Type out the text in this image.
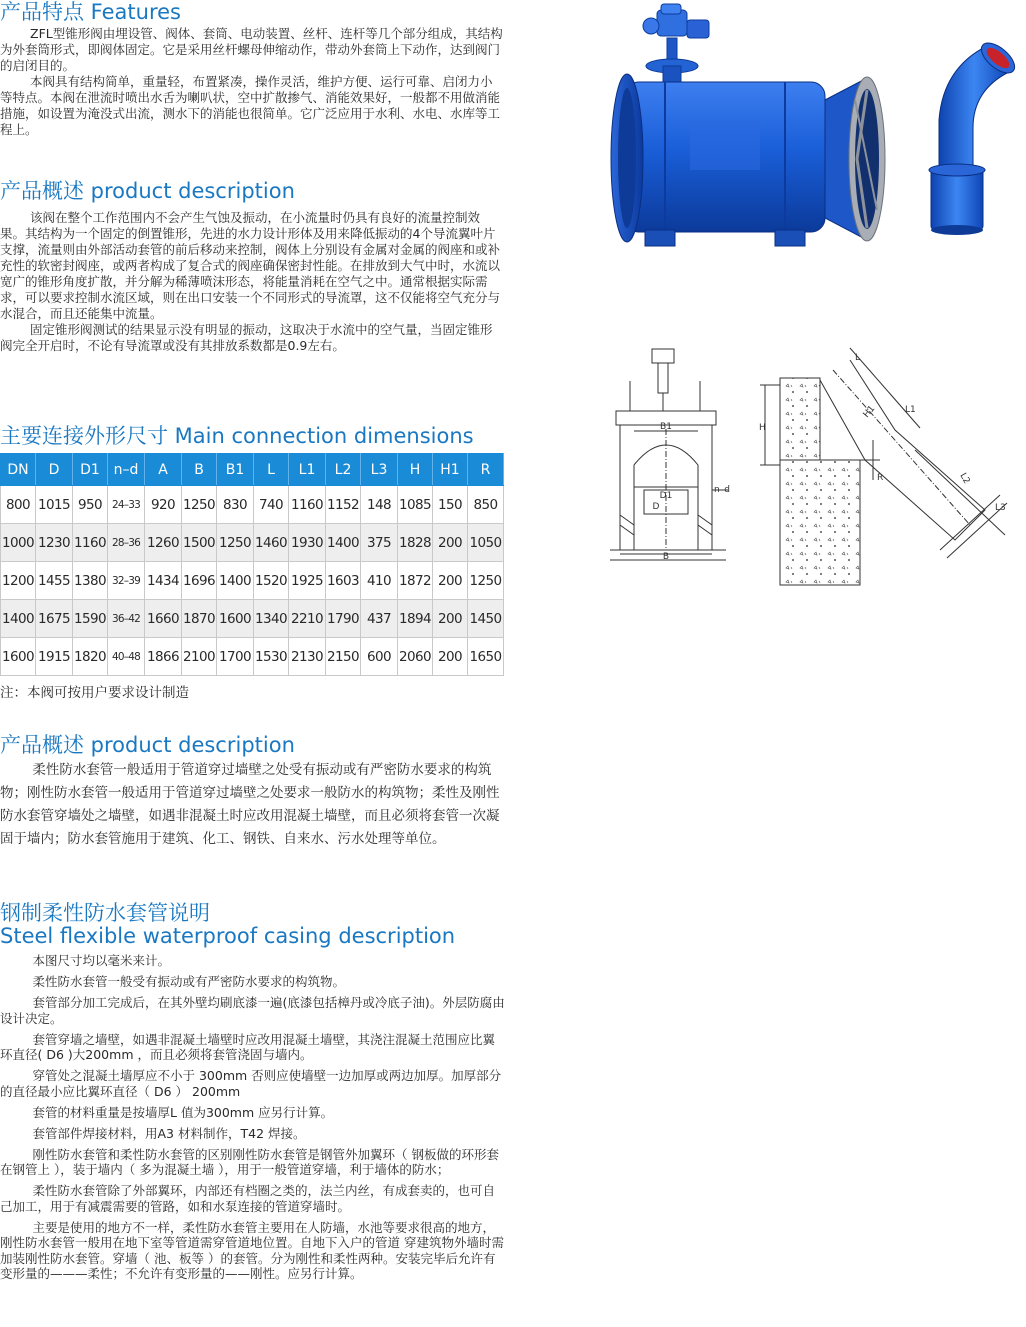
产品特点 Features

ZFL型锥形阀由埋设管、阀体、套筒、电动装置、丝杆、连杆等几个部分组成，其结构为外套筒形式，即阀体固定。它是采用丝杆螺母伸缩动作，带动外套筒上下动作，达到阀门的启闭目的。

本阀具有结构简单，重量轻，布置紧凑，操作灵活，维护方便、运行可靠、启闭力小等特点。本阀在泄流时喷出水舌为喇叭状，空中扩散掺气、消能效果好，一般都不用做消能措施，如设置为淹没式出流，测水下的消能也很简单。它广泛应用于水利、水电、水库等工程上。

产品概述 product description

该阀在整个工作范围内不会产生气蚀及振动，在小流量时仍具有良好的流量控制效果。其结构为一个固定的倒置锥形，先进的水力设计形体及用来降低振动的4个导流翼叶片支撑，流量则由外部活动套管的前后移动来控制，阀体上分别设有金属对金属的阀座和或补充性的软密封阀座，或两者构成了复合式的阀座确保密封性能。在排放到大气中时，水流以宽广的锥形角度扩散，并分解为稀薄喷沫形态，将能量消耗在空气之中。通常根据实际需求，可以要求控制水流区域，则在出口安装一个不同形式的导流罩，这不仅能将空气充分与水混合，而且还能集中流量。

固定锥形阀测试的结果显示没有明显的振动，这取决于水流中的空气量，当固定锥形阀完全开启时，不论有导流罩或没有其排放系数都是0.9左右。

主要连接外形尺寸 Main connection dimensions
DN	D	D1	n–d	A	B	B1	L	L1	L2	L3	H	H1	R
800	1015	950	24–33	920	1250	830	740	1160	1152	148	1085	150	850
1000	1230	1160	28–36	1260	1500	1250	1460	1930	1400	375	1828	200	1050
1200	1455	1380	32–39	1434	1696	1400	1520	1925	1603	410	1872	200	1250
1400	1675	1590	36–42	1660	1870	1600	1340	2210	1790	437	1894	200	1450
1600	1915	1820	40–48	1866	2100	1700	1530	2130	2150	600	2060	200	1650

注：本阀可按用户要求设计制造

产品概述 product description

柔性防水套管一般适用于管道穿过墙壁之处受有振动或有严密防水要求的构筑物；刚性防水套管一般适用于管道穿过墙壁之处要求一般防水的构筑物；柔性及刚性防水套管穿墙处之墙壁，如遇非混凝土时应改用混凝土墙壁，而且必须将套管一次凝固于墙内；防水套管施用于建筑、化工、钢铁、自来水、污水处理等单位。

钢制柔性防水套管说明
Steel flexible waterproof casing description

本图尺寸均以毫米来计。

柔性防水套管一般受有振动或有严密防水要求的构筑物。

套管部分加工完成后，在其外壁均刷底漆一遍(底漆包括樟丹或冷底子油)。外层防腐由设计决定。

套管穿墙之墙壁，如遇非混凝土墙壁时应改用混凝土墙壁，其浇注混凝土范围应比翼环直径( D6 )大200mm ，而且必须将套管浇固与墙内。

穿管处之混凝土墙厚应不小于 300mm 否则应使墙壁一边加厚或两边加厚。加厚部分的直径最小应比翼环直径（ D6 ） 200mm

套管的材料重量是按墙厚L 值为300mm 应另行计算。

套管部件焊接材料，用A3 材料制作，T42 焊接。

刚性防水套管和柔性防水套管的区别刚性防水套管是钢管外加翼环（ 钢板做的环形套在钢管上 ），装于墙内（ 多为混凝土墙 ），用于一般管道穿墙，利于墙体的防水；

柔性防水套管除了外部翼环，内部还有档圈之类的，法兰内丝，有成套卖的，也可自己加工，用于有减震需要的管路，如和水泵连接的管道穿墙时。

主要是使用的地方不一样，柔性防水套管主要用在人防墙，水池等要求很高的地方，刚性防水套管一般用在地下室等管道需穿管道地位置。自地下入户的管道 穿建筑物外墙时需加装刚性防水套管。穿墙（ 池、板等 ）的套管。分为刚性和柔性两种。安装完毕后允许有变形量的———柔性；不允许有变形量的——刚性。应另行计算。

B1
D1
D
B
n–d
H
H1
L
L1
L2
L3
R
